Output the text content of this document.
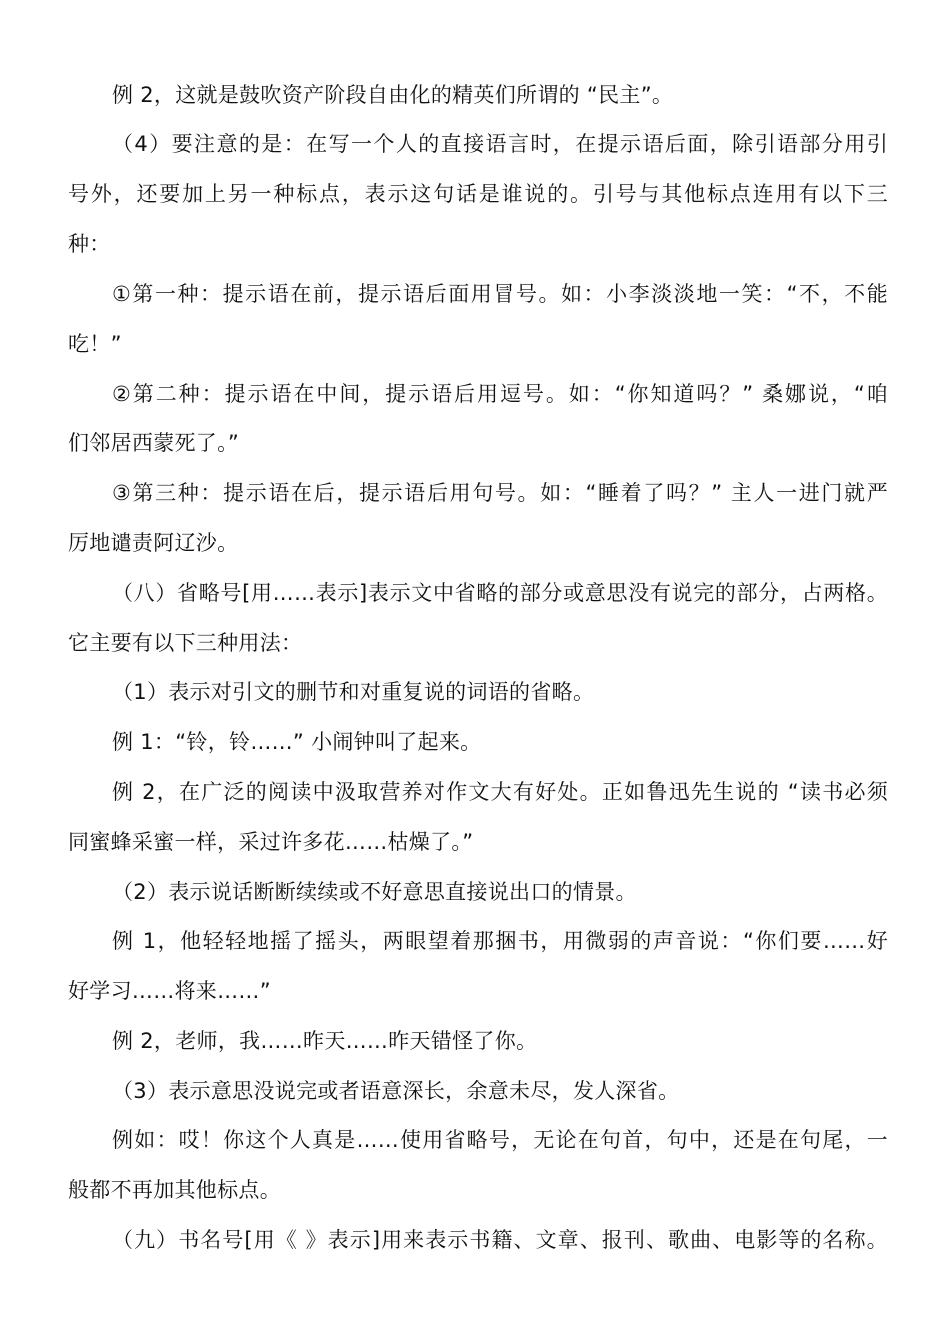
例 2，这就是鼓吹资产阶段自由化的精英们所谓的 “民主”。
（4）要注意的是：在写一个人的直接语言时，在提示语后面，除引语部分用引
号外，还要加上另一种标点，表示这句话是谁说的。引号与其他标点连用有以下三
种：
①第一种：提示语在前，提示语后面用冒号。如：小李淡淡地一笑：“不，不能
吃！”
②第二种：提示语在中间，提示语后用逗号。如：“你知道吗？” 桑娜说，“咱
们邻居西蒙死了。”
③第三种：提示语在后，提示语后用句号。如：“睡着了吗？” 主人一进门就严
厉地谴责阿辽沙。
（八）省略号[用……表示]表示文中省略的部分或意思没有说完的部分，占两格。
它主要有以下三种用法：
（1）表示对引文的删节和对重复说的词语的省略。
例 1：“铃，铃……” 小闹钟叫了起来。
例 2，在广泛的阅读中汲取营养对作文大有好处。正如鲁迅先生说的 “读书必须
同蜜蜂采蜜一样，采过许多花……枯燥了。”
（2）表示说话断断续续或不好意思直接说出口的情景。
例 1，他轻轻地摇了摇头，两眼望着那捆书，用微弱的声音说：“你们要……好
好学习……将来……”
例 2，老师，我……昨天……昨天错怪了你。
（3）表示意思没说完或者语意深长，余意未尽，发人深省。
例如：哎！你这个人真是……使用省略号，无论在句首，句中，还是在句尾，一
般都不再加其他标点。
（九）书名号[用《 》表示]用来表示书籍、文章、报刊、歌曲、电影等的名称。
